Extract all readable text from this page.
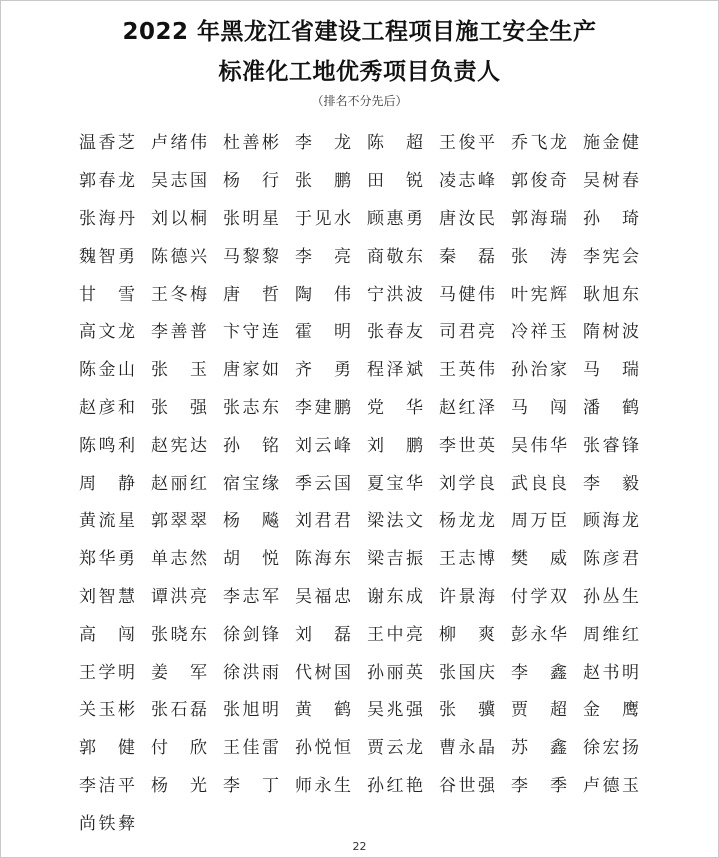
2022 年黑龙江省建设工程项目施工安全生产
标准化工地优秀项目负责人
（排名不分先后）
温 香 芝 卢 绪 伟 杜 善 彬 李 龙 陈 超 王 俊 平 乔 飞 龙 施 金 健
郭 春 龙 吴 志 国 杨 行 张 鹏 田 锐 凌 志 峰 郭 俊 奇 吴 树 春
张 海 丹 刘 以 桐 张 明 星 于 见 水 顾 惠 勇 唐 汝 民 郭 海 瑞 孙 琦
魏 智 勇 陈 德 兴 马 黎 黎 李 亮 商 敬 东 秦 磊 张 涛 李 宪 会
甘 雪 王 冬 梅 唐 哲 陶 伟 宁 洪 波 马 健 伟 叶 宪 辉 耿 旭 东
高 文 龙 李 善 普 卞 守 连 霍 明 张 春 友 司 君 亮 冷 祥 玉 隋 树 波
陈 金 山 张 玉 唐 家 如 齐 勇 程 泽 斌 王 英 伟 孙 治 家 马 瑞
赵 彦 和 张 强 张 志 东 李 建 鹏 党 华 赵 红 泽 马 闯 潘 鹤
陈 鸣 利 赵 宪 达 孙 铭 刘 云 峰 刘 鹏 李 世 英 吴 伟 华 张 睿 锋
周 静 赵 丽 红 宿 宝 缘 季 云 国 夏 宝 华 刘 学 良 武 良 良 李 毅
黄 流 星 郭 翠 翠 杨 飚 刘 君 君 梁 法 文 杨 龙 龙 周 万 臣 顾 海 龙
郑 华 勇 单 志 然 胡 悦 陈 海 东 梁 吉 振 王 志 博 樊 威 陈 彦 君
刘 智 慧 谭 洪 亮 李 志 军 吴 福 忠 谢 东 成 许 景 海 付 学 双 孙 丛 生
高 闯 张 晓 东 徐 剑 锋 刘 磊 王 中 亮 柳 爽 彭 永 华 周 维 红
王 学 明 姜 军 徐 洪 雨 代 树 国 孙 丽 英 张 国 庆 李 鑫 赵 书 明
关 玉 彬 张 石 磊 张 旭 明 黄 鹤 吴 兆 强 张 骥 贾 超 金 鹰
郭 健 付 欣 王 佳 雷 孙 悦 恒 贾 云 龙 曹 永 晶 苏 鑫 徐 宏 扬
李 洁 平 杨 光 李 丁 师 永 生 孙 红 艳 谷 世 强 李 季 卢 德 玉
尚 铁 彜
22
